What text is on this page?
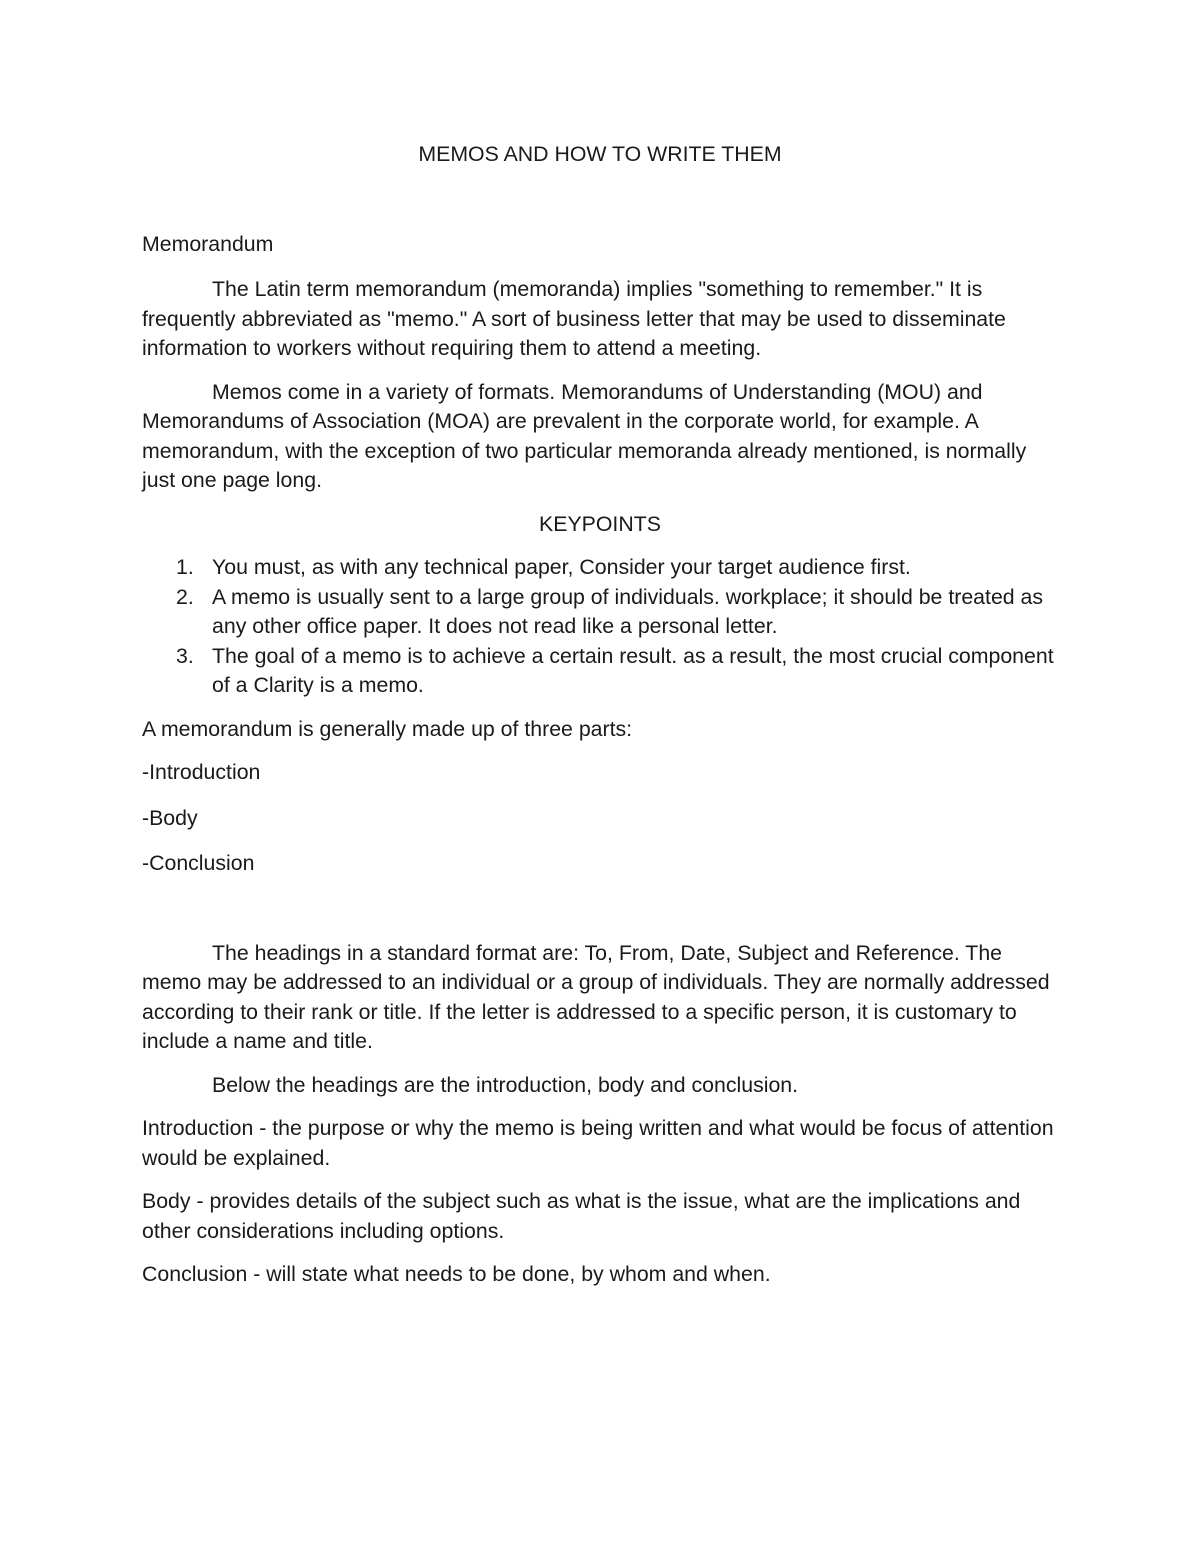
MEMOS AND HOW TO WRITE THEM
Memorandum

The Latin term memorandum (memoranda) implies "something to remember." It is frequently abbreviated as "memo." A sort of business letter that may be used to disseminate information to workers without requiring them to attend a meeting.

Memos come in a variety of formats. Memorandums of Understanding (MOU) and Memorandums of Association (MOA) are prevalent in the corporate world, for example. A memorandum, with the exception of two particular memoranda already mentioned, is normally just one page long.

KEYPOINTS
1. You must, as with any technical paper, Consider your target audience first.
2. A memo is usually sent to a large group of individuals. workplace; it should be treated as any other office paper. It does not read like a personal letter.
3. The goal of a memo is to achieve a certain result. as a result, the most crucial component of a Clarity is a memo.

A memorandum is generally made up of three parts:

-Introduction
-Body
-Conclusion

The headings in a standard format are: To, From, Date, Subject and Reference. The memo may be addressed to an individual or a group of individuals. They are normally addressed according to their rank or title. If the letter is addressed to a specific person, it is customary to include a name and title.

Below the headings are the introduction, body and conclusion.

Introduction - the purpose or why the memo is being written and what would be focus of attention would be explained.

Body - provides details of the subject such as what is the issue, what are the implications and other considerations including options.

Conclusion - will state what needs to be done, by whom and when.
